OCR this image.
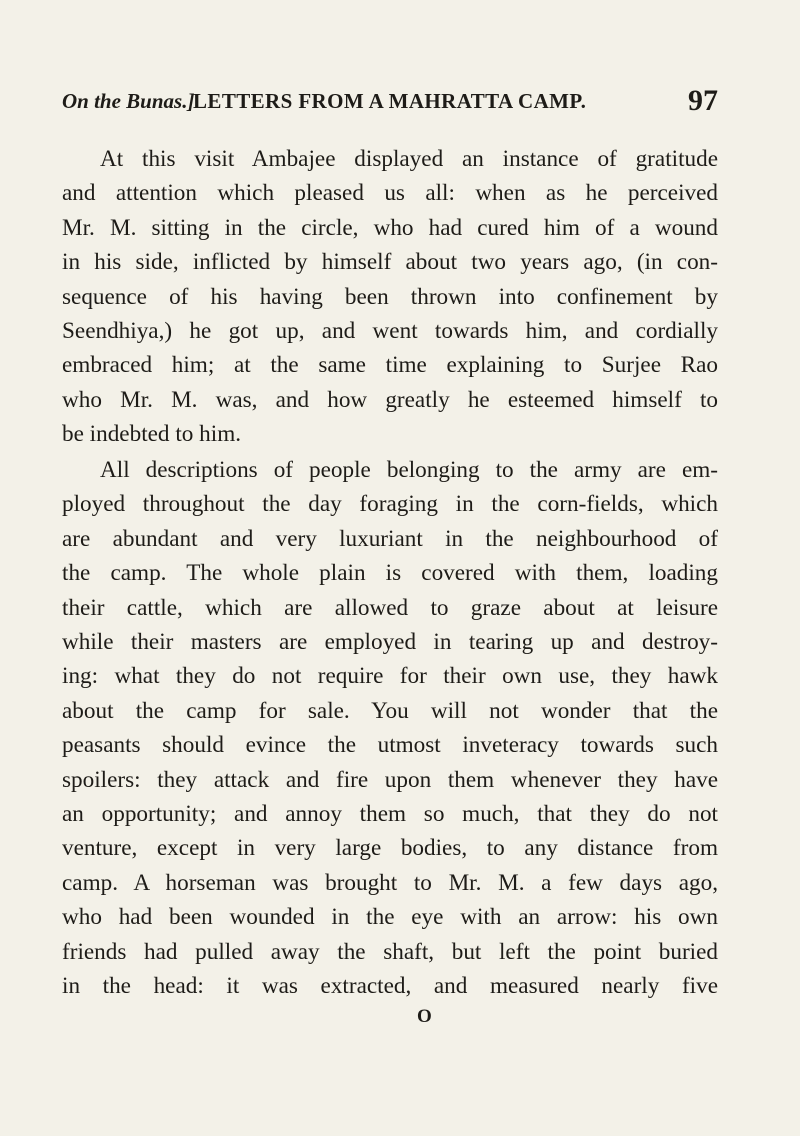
On the Bunas.]
LETTERS FROM A MAHRATTA CAMP.	97

At this visit Ambajee displayed an instance of gratitude
and attention which pleased us all: when as he perceived
Mr. M. sitting in the circle, who had cured him of a wound
in his side, inflicted by himself about two years ago, (in con-
sequence of his having been thrown into confinement by
Seendhiya,) he got up, and went towards him, and cordially
embraced him; at the same time explaining to Surjee Rao
who Mr. M. was, and how greatly he esteemed himself to
be indebted to him.

All descriptions of people belonging to the army are em-
ployed throughout the day foraging in the corn-fields, which
are abundant and very luxuriant in the neighbourhood of
the camp. The whole plain is covered with them, loading
their cattle, which are allowed to graze about at leisure
while their masters are employed in tearing up and destroy-
ing: what they do not require for their own use, they hawk
about the camp for sale. You will not wonder that the
peasants should evince the utmost inveteracy towards such
spoilers: they attack and fire upon them whenever they have
an opportunity; and annoy them so much, that they do not
venture, except in very large bodies, to any distance from
camp. A horseman was brought to Mr. M. a few days ago,
who had been wounded in the eye with an arrow: his own
friends had pulled away the shaft, but left the point buried
in the head: it was extracted, and measured nearly five

O
